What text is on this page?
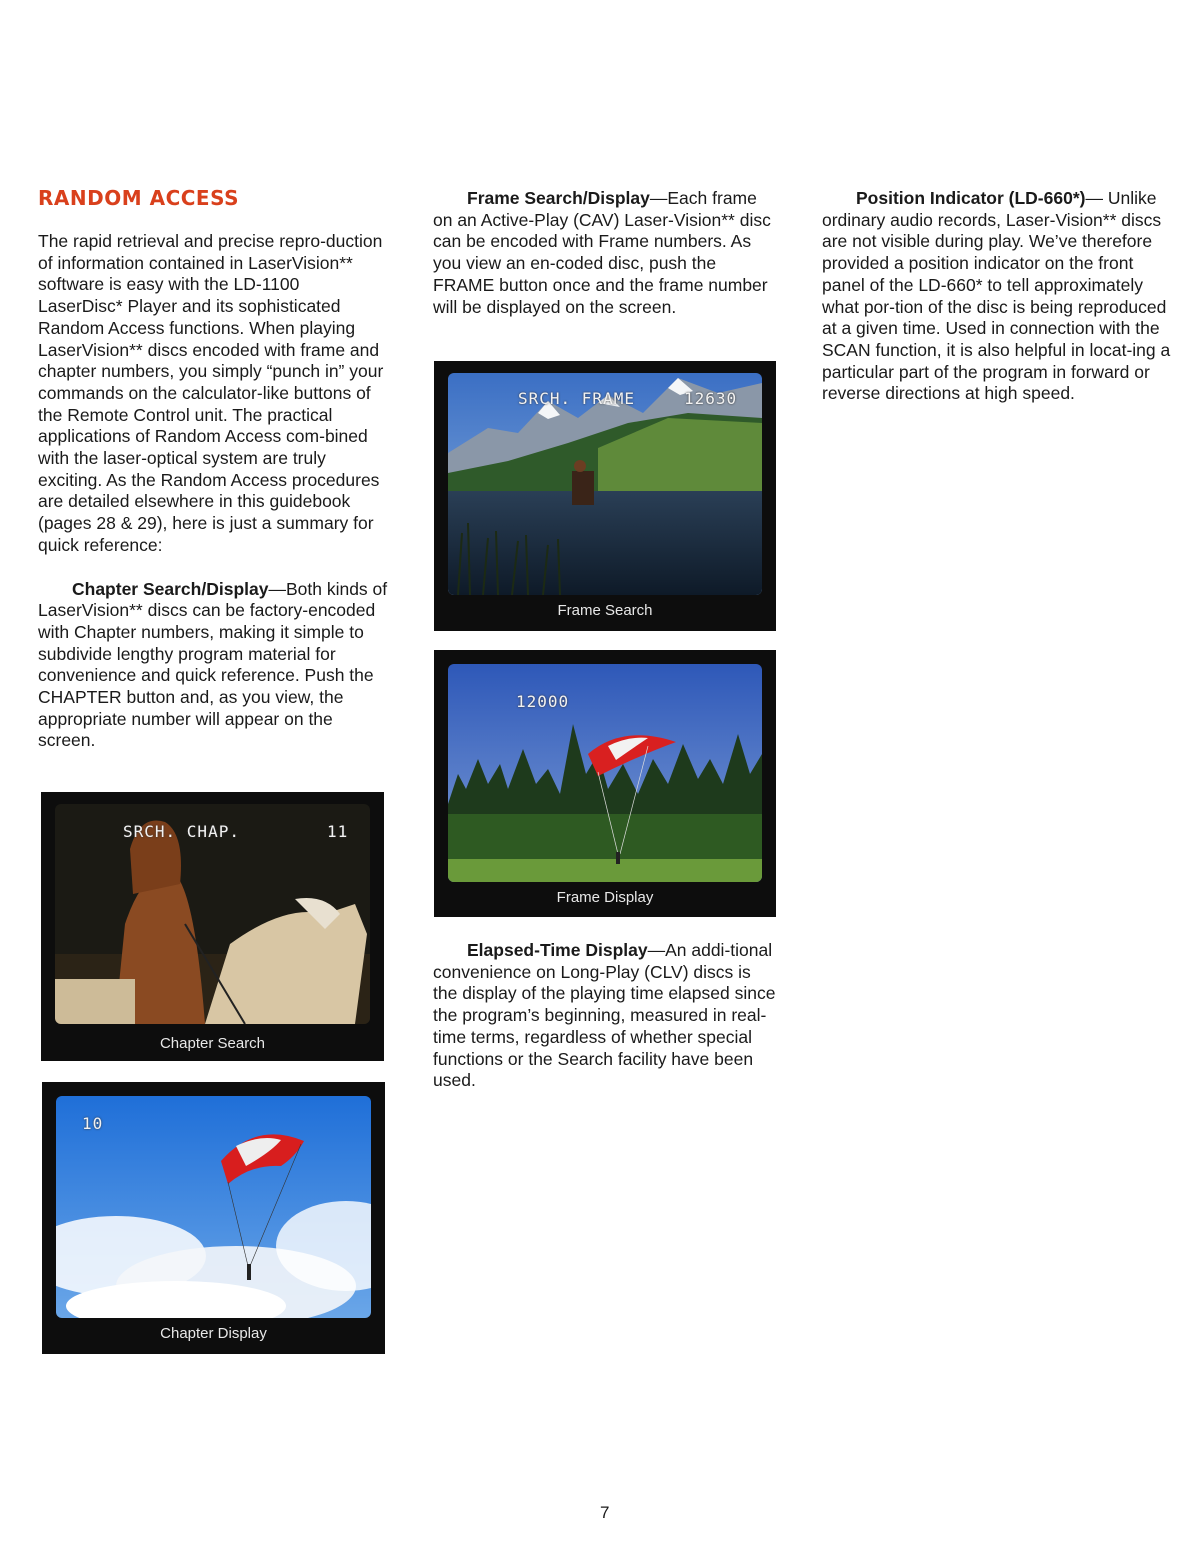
RANDOM ACCESS

The rapid retrieval and precise repro-duction of information contained in LaserVision** software is easy with the LD-1100 LaserDisc* Player and its sophisticated Random Access functions. When playing LaserVision** discs encoded with frame and chapter numbers, you simply “punch in” your commands on the calculator-like buttons of the Remote Control unit. The practical applications of Random Access com-bined with the laser-optical system are truly exciting. As the Random Access procedures are detailed elsewhere in this guidebook (pages 28 & 29), here is just a summary for quick reference:

Chapter Search/Display—Both kinds of LaserVision** discs can be factory-encoded with Chapter numbers, making it simple to subdivide lengthy program material for convenience and quick reference. Push the CHAPTER button and, as you view, the appropriate number will appear on the screen.

Frame Search/Display—Each frame on an Active-Play (CAV) Laser-Vision** disc can be encoded with Frame numbers. As you view an en-coded disc, push the FRAME button once and the frame number will be displayed on the screen.

Elapsed-Time Display—An addi-tional convenience on Long-Play (CLV) discs is the display of the playing time elapsed since the program’s beginning, measured in real-time terms, regardless of whether special functions or the Search facility have been used.

Position Indicator (LD-660*)— Unlike ordinary audio records, Laser-Vision** discs are not visible during play. We’ve therefore provided a position indicator on the front panel of the LD-660* to tell approximately what por-tion of the disc is being reproduced at a given time. Used in connection with the SCAN function, it is also helpful in locat-ing a particular part of the program in forward or reverse directions at high speed.

SRCH. FRAME	12630
Frame Search
12000
Frame Display
SRCH. CHAP.	11
Chapter Search
10
Chapter Display
7
